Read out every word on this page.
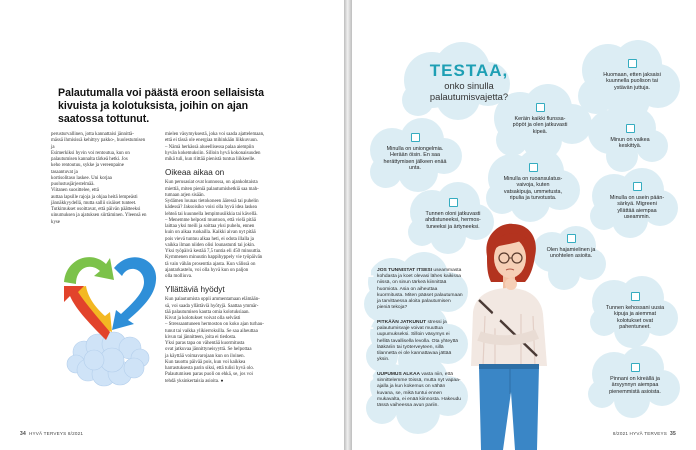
Palautumalla voi päästä eroon sellaisista kivuista ja kolotuksista, joihin on ajan saatossa tottunut.

perusturvallinen, jotta kannattaisi jännittä-

mässä ihmisissä kehittyy pakko-, huolestumisen ja

Esimerkiksi hyvin voi rentoutua, kun on

palautumisen kannalta tärkeä hetki. Jos

keho rentoutuu, sykke ja vereenpaine tasaantuvat ja

kortisolitaso laskee. Uni korjaa

puolustusjärjestelmää.

Viitanen suosittelee, että

auttaa lapsille rajoja ja ohjaa heitä lempeästi

jännäkkyydellä, mutta sallii sisäiset tunteet.

Tutkimukset osoittavat, että päivän päätteeksi

uinumuksen ja ajatuksen siirtäminen. Yleensä en kyse

mielen väsymyksestä, joka voi saada ajattelemaan,

että ei tässä ole energiaa mihinkään liikkuvuun.

– Nämä herkässä alueellisessa palaa aiempiin

hyvän kokemuksiin. Silloin hyvä kokonaisuuden

mikä tuli, kun riittää pienistä tuntua liikkeelle.

Oikeaa aikaa on

Kun perusasiat ovat kunnossa, on ajankohtaista

miettiä, miten pieniä palautumishetkiä saa mah-

tumaan arjen sisään.

Sydämen lounas tietokoneen ääressä tai puhelin

kädessä? Jaksoisiko voisi olla hyvä idea laskea

lehteä tai kuunnella lempimusiikkia tai kävellä.

– Menemme helposti muotoon, että vielä pitää

laittaa yksi meili ja soittaa yksi puhelu, ennen

kuin on aikaa ruokailla. Kaikki aivan nyt pitää

pois vievä tuntuu alkaa heti, ei odota illalla ja

vaikka ilman niiden olisi lounastunti tai jokin.

Yksi työpäivä kestää 7,5 tuntia eli 450 minuuttia.

Kymmenen minuutin happihyppely vie työpäivän

tä vain vähän prosenttia ajasta. Kun välissä on

ajantarkastelu, voi olla hyvä kun on paljon

olla molliuva.

Yllättäviä hyödyt

Kun palautumista oppii ammentamaan elämään-

sä, voi saada yllättäviä hyötyjä. Saattaa ymmär-

tää palautumisen kautta omia kolotuksiaan.

Kivut ja kolotukset voivat olla selvästi

– Stressaantuneen hermoston on koko ajan turhau-

tunut tai vaikka ylikierroksilla. Se saa aiheuttaa

kivun tai jännitteen, joita ei tiedosta.

Yksi paras tapa on vähentää kuormitusta

ovat jatkuvaa jännittyneisyyttä. Se helpottaa

ja käyttää voimavarojaan kun on iloinen.

Kun tauottu päivää pois, kun voi kaikkea

harrastuksesta parin siksi, että tulisi hyvä olo.

Palautumisen paras puoli on ehkä, se, jos voi

tehdä yksinkertaisia asioita. ●

34 HYVÄ TERVEYS 8/2021
TESTAA,
onko sinulla
palautumisvajetta?
Keräin kaikki flunssa-pöpöt ja olen jatkuvasti kipeä.
Huomaan, etten jaksaisi kuunnella puolison tai ystävän juttuja.
Minulla on uniongelmia. Herään öisin. En saa herättymisen jälkeen enää unta.
Minun on vaikea keskittyä.
Minulla on ruoansulatus-vaivoja, kuten vatsakipuja, ummetusta, ripulia ja turvotusta.	Minulla on usein pään-särkyä. Migreeni yllättää aiempaa useammin.
Tunnen oloni jatkuvasti ahdistuneeksi, hermos-tuneeksi ja ärtyneeksi.
Olen hajamielinen ja unohtelen asioita.
Tunnen kehossani uusia kipuja ja aiemmat kolotukset ovat pahentuneet.
Pinnani on kireällä ja ärsyynnyn aiempaa pienemmistä asioista.
1 JOS TUNNISTAT ITSESI useammasta kohdasta ja koet olevasi lähes kaikissa niissä, on sinun tärkeä kiinnittää huomiota. Asia on aiheuttaa kuormitusta. Miten pääset palautumaan ja tarvittaessa aloita palautumisen pieniä tekoja?
2 PITKÄÄN JATKUNUT stressi ja palautumisvaje voivat muuttua uupumukseksi. Silloin väsymys ei hellitä tavallisella levolla. Ota yhteyttä lääkäriin tai työterveyteen, sillä tilannetta ei ole kannattavaa jättää yksin.
3 UUPUMUS ALKAA vasta niin, että sinnittelemme töissä, mutta nyt vapaa-ajalla ja kun kokemus on vähän kuvana, se, mikä tuntui ennen mukavalta, ei enää kiinnosta. Hakeudu tässä vaiheessa avun pariin.
8/2021 HYVÄ TERVEYS 35
